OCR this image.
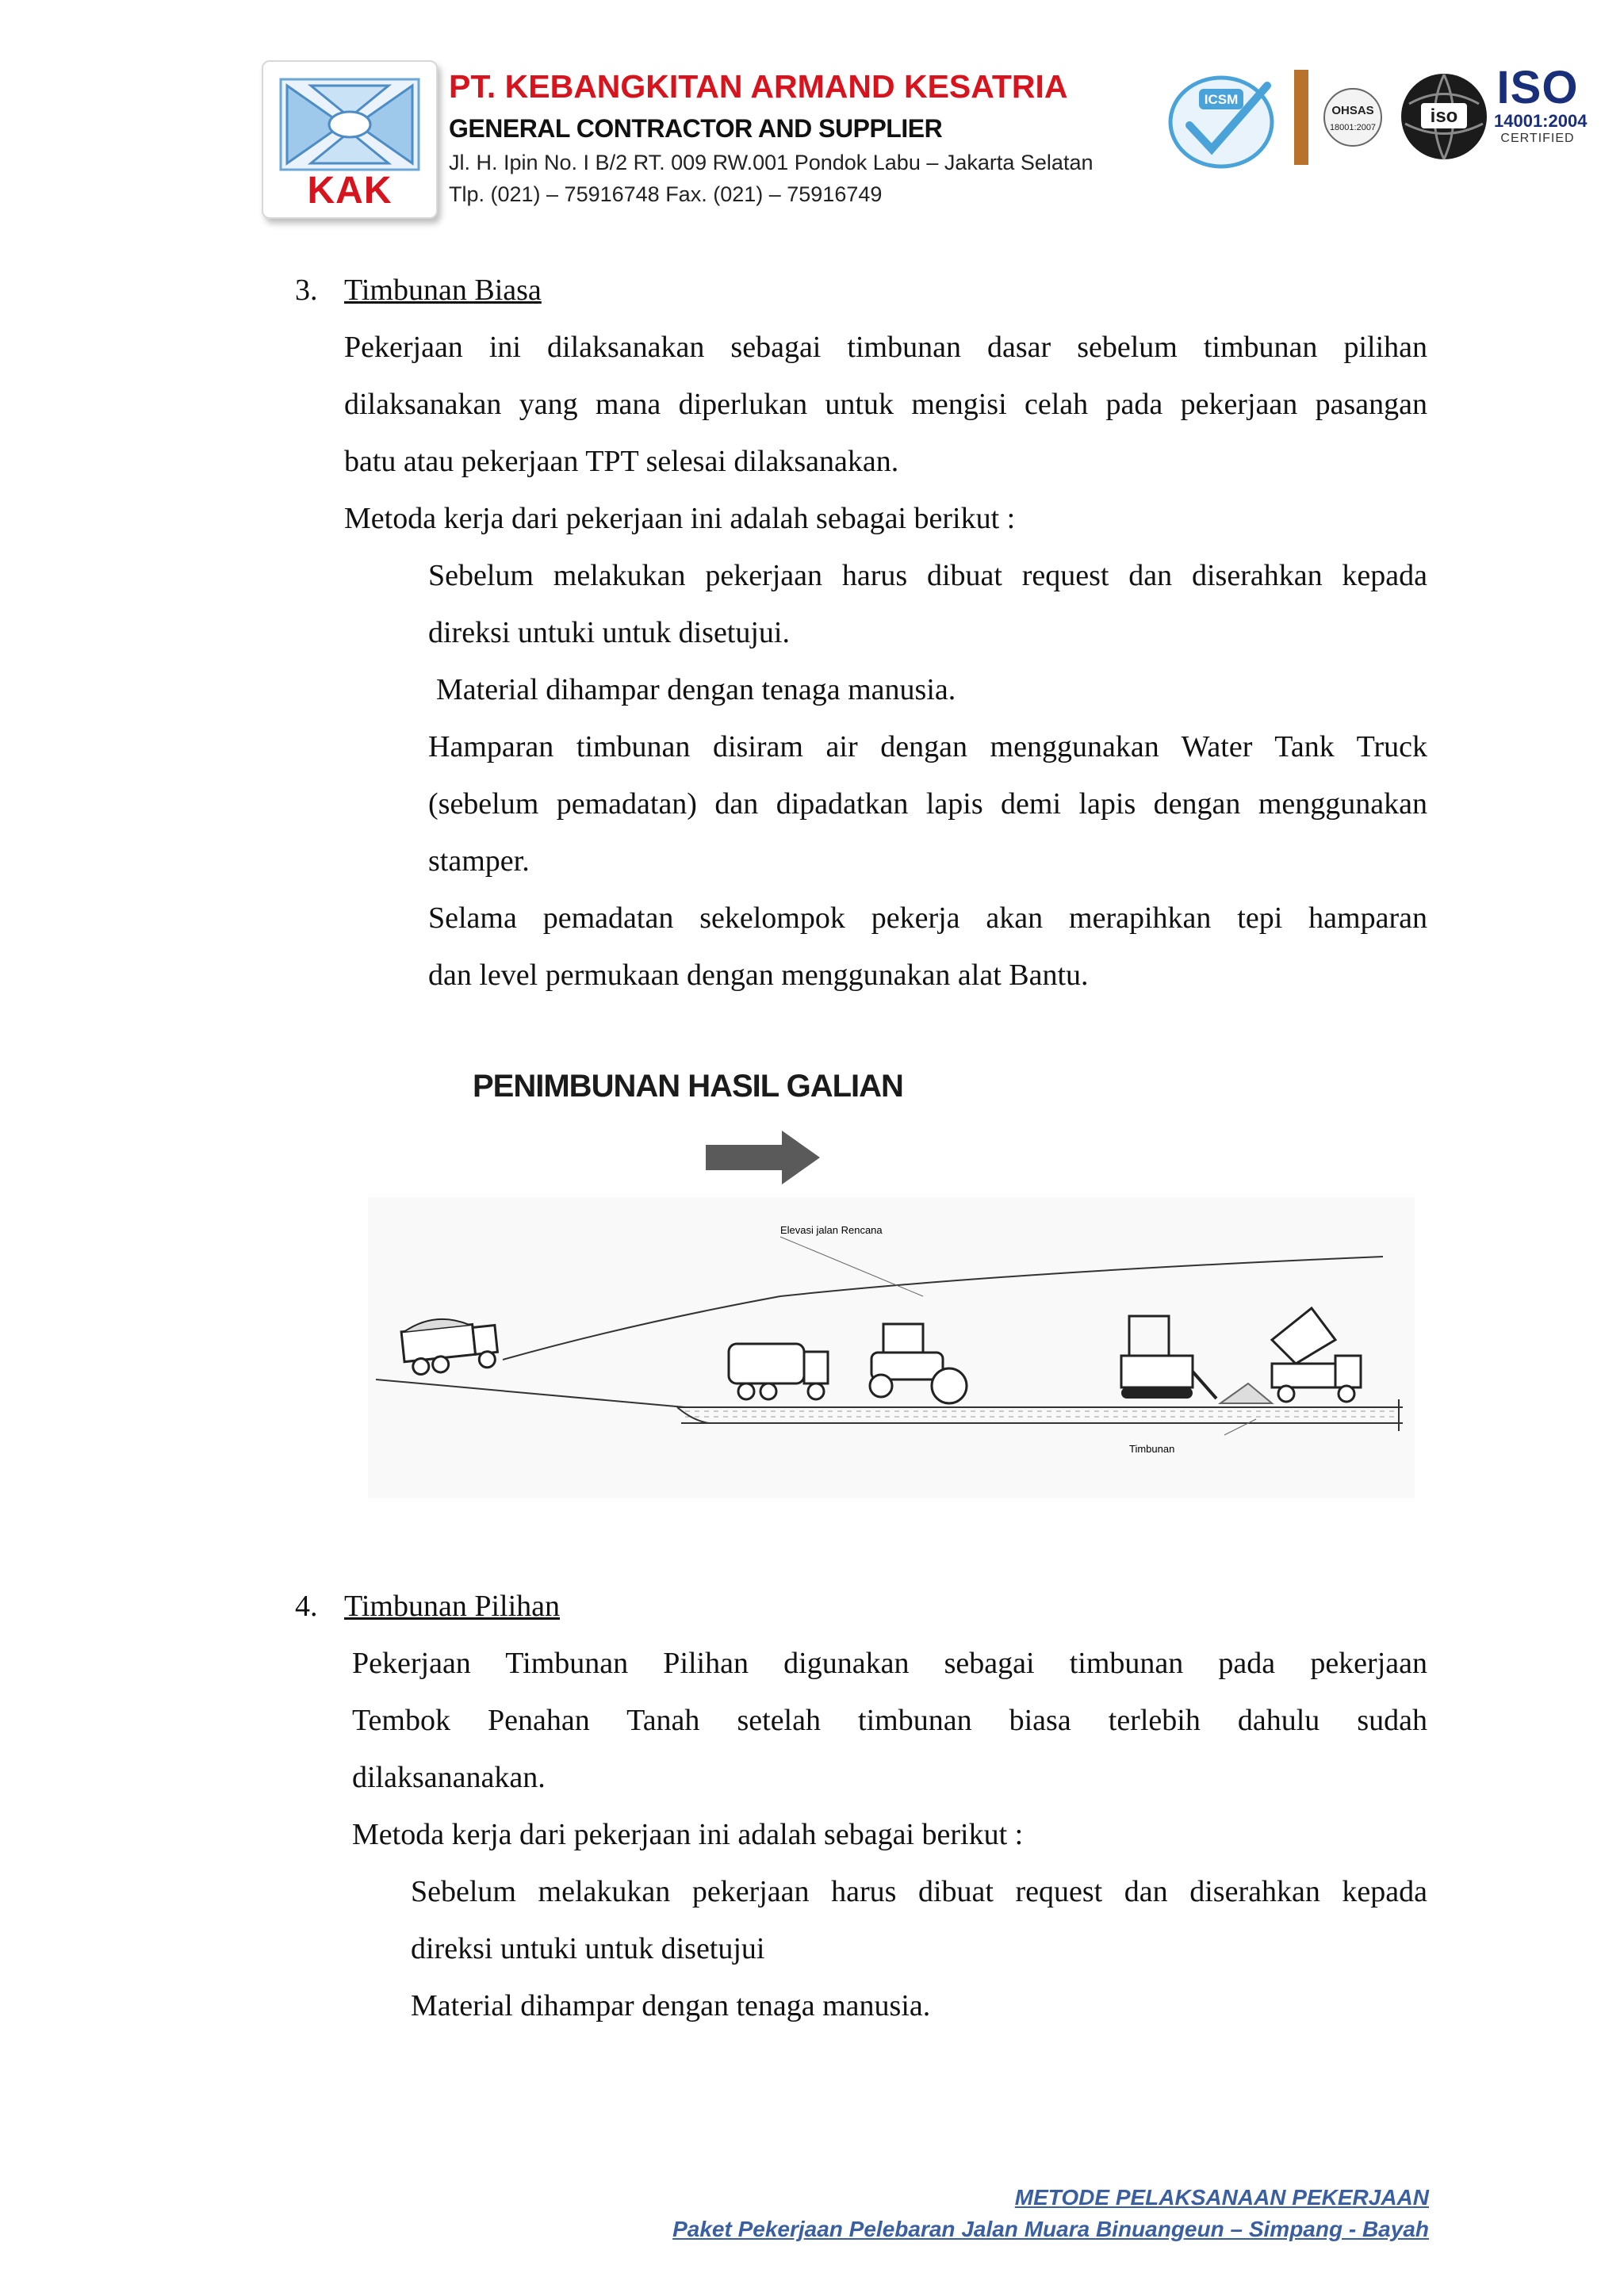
KAK
PT. KEBANGKITAN ARMAND KESATRIA
GENERAL CONTRACTOR AND SUPPLIER
Jl. H. Ipin No. I B/2 RT. 009 RW.001 Pondok Labu – Jakarta Selatan
Tlp. (021) – 75916748 Fax. (021) – 75916749
ICSM
OHSAS
18001:2007
iso
ISO
14001:2004
CERTIFIED
3. Timbunan Biasa
Pekerjaan ini dilaksanakan sebagai timbunan dasar sebelum timbunan pilihan
dilaksanakan yang mana diperlukan untuk mengisi celah pada pekerjaan pasangan
batu atau pekerjaan TPT selesai dilaksanakan.
Metoda kerja dari pekerjaan ini adalah sebagai berikut :
Sebelum melakukan pekerjaan harus dibuat request dan diserahkan kepada
direksi untuki untuk disetujui.
Material dihampar dengan tenaga manusia.
Hamparan timbunan disiram air dengan menggunakan Water Tank Truck
(sebelum pemadatan) dan dipadatkan lapis demi lapis dengan menggunakan
stamper.
Selama pemadatan sekelompok pekerja akan merapihkan tepi hamparan
dan level permukaan dengan menggunakan alat Bantu.
PENIMBUNAN HASIL GALIAN
Elevasi jalan Rencana
Timbunan
4. Timbunan Pilihan
Pekerjaan Timbunan Pilihan digunakan sebagai timbunan pada pekerjaan
Tembok Penahan Tanah setelah timbunan biasa terlebih dahulu sudah
dilaksananakan.
Metoda kerja dari pekerjaan ini adalah sebagai berikut :
Sebelum melakukan pekerjaan harus dibuat request dan diserahkan kepada
direksi untuki untuk disetujui
Material dihampar dengan tenaga manusia.
METODE PELAKSANAAN PEKERJAAN
Paket Pekerjaan Pelebaran Jalan Muara Binuangeun – Simpang - Bayah
